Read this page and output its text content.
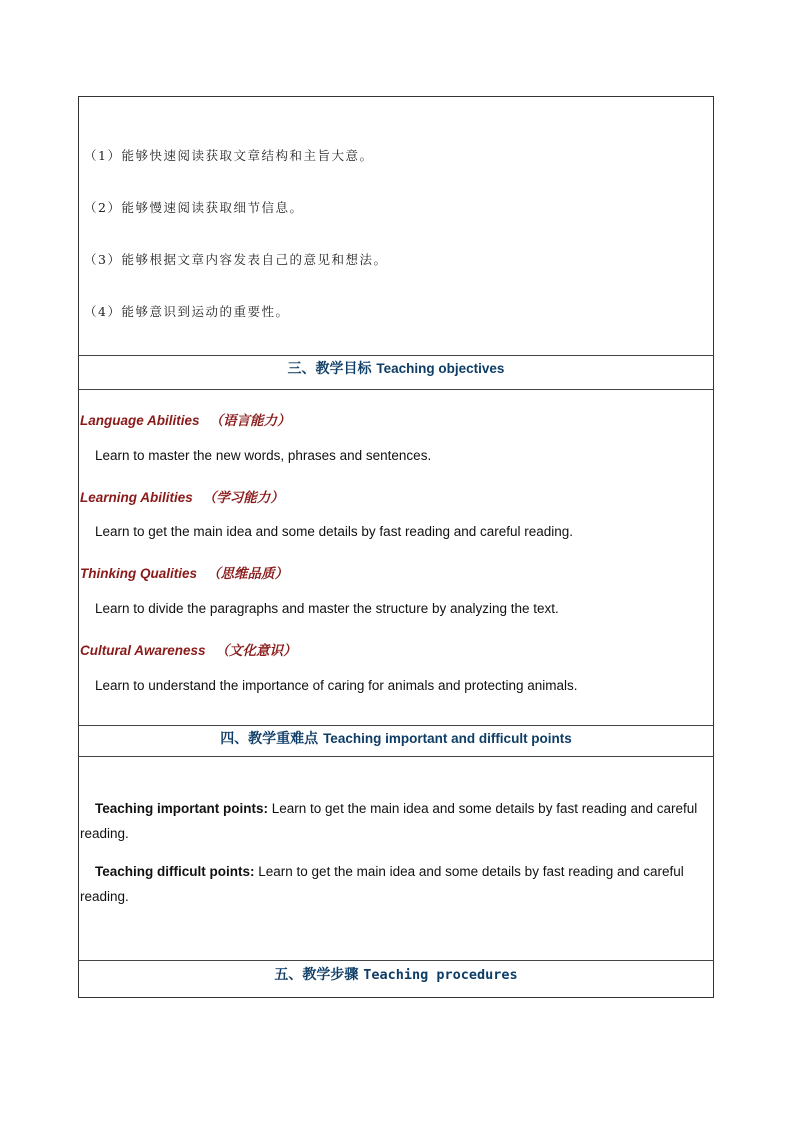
（1）能够快速阅读获取文章结构和主旨大意。
（2）能够慢速阅读获取细节信息。
（3）能够根据文章内容发表自己的意见和想法。
（4）能够意识到运动的重要性。
三、教学目标 Teaching objectives
Language Abilities （语言能力）
Learn to master the new words, phrases and sentences.
Learning Abilities （学习能力）
Learn to get the main idea and some details by fast reading and careful reading.
Thinking Qualities （思维品质）
Learn to divide the paragraphs and master the structure by analyzing the text.
Cultural Awareness （文化意识）
Learn to understand the importance of caring for animals and protecting animals.
四、教学重难点 Teaching important and difficult points
Teaching important points: Learn to get the main idea and some details by fast reading and careful reading.
Teaching difficult points: Learn to get the main idea and some details by fast reading and careful reading.
五、教学步骤 Teaching procedures
